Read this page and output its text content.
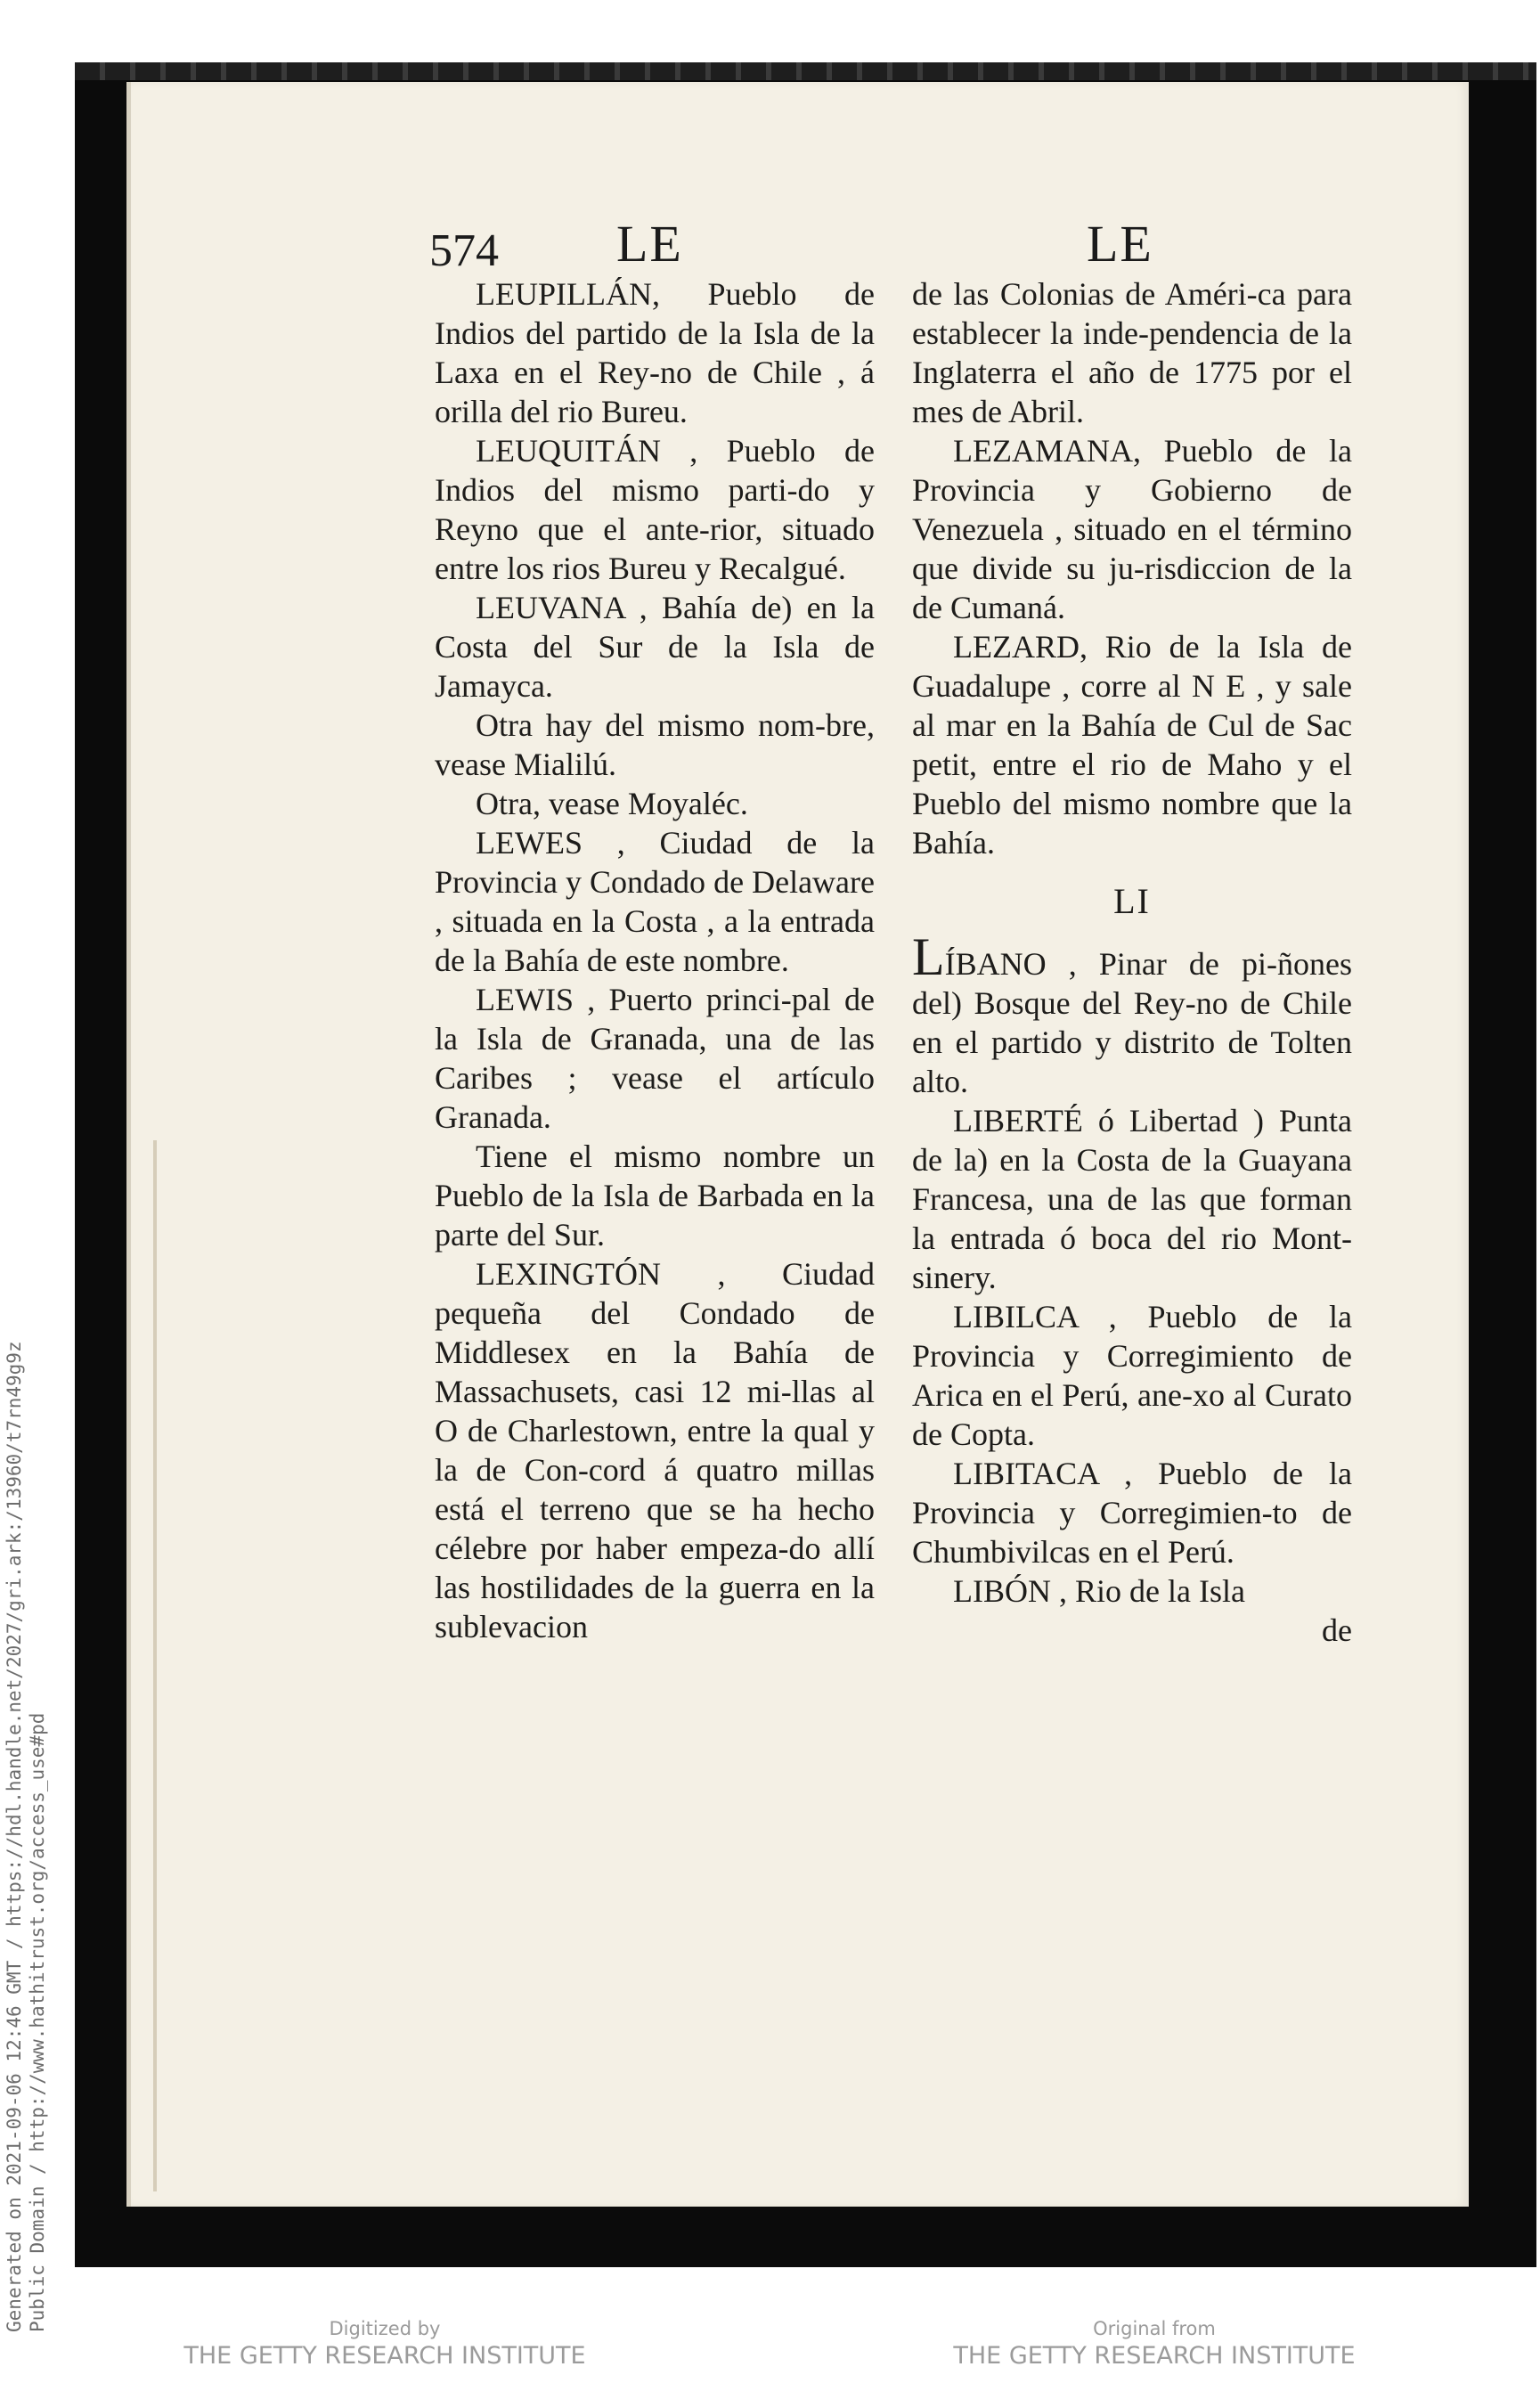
574 LE	LE

LEUPILLÁN, Pueblo de Indios del partido de la Isla de la Laxa en el Rey-no de Chile , á orilla del rio Bureu.

LEUQUITÁN , Pueblo de Indios del mismo parti-do y Reyno que el ante-rior, situado entre los rios Bureu y Recalgué.

LEUVANA , Bahía de) en la Costa del Sur de la Isla de Jamayca.

Otra hay del mismo nom-bre, vease Mialilú.

Otra, vease Moyaléc.

LEWES , Ciudad de la Provincia y Condado de Delaware , situada en la Costa , a la entrada de la Bahía de este nombre.

LEWIS , Puerto princi-pal de la Isla de Granada, una de las Caribes ; vease el artículo Granada.

Tiene el mismo nombre un Pueblo de la Isla de Barbada en la parte del Sur.

LEXINGTÓN , Ciudad pequeña del Condado de Middlesex en la Bahía de Massachusets, casi 12 mi-llas al O de Charlestown, entre la qual y la de Con-cord á quatro millas está el terreno que se ha hecho célebre por haber empeza-do allí las hostilidades de la guerra en la sublevacion

de las Colonias de Améri-ca para establecer la inde-pendencia de la Inglaterra el año de 1775 por el mes de Abril.

LEZAMANA, Pueblo de la Provincia y Gobierno de Venezuela , situado en el término que divide su ju-risdiccion de la de Cumaná.

LEZARD, Rio de la Isla de Guadalupe , corre al N E , y sale al mar en la Bahía de Cul de Sac petit, entre el rio de Maho y el Pueblo del mismo nombre que la Bahía.

LI

LÍBANO , Pinar de pi-ñones del) Bosque del Rey-no de Chile en el partido y distrito de Tolten alto.

LIBERTÉ ó Libertad ) Punta de la) en la Costa de la Guayana Francesa, una de las que forman la entrada ó boca del rio Mont-sinery.

LIBILCA , Pueblo de la Provincia y Corregimiento de Arica en el Perú, ane-xo al Curato de Copta.

LIBITACA , Pueblo de la Provincia y Corregimien-to de Chumbivilcas en el Perú.

LIBÓN , Rio de la Isla

de

Generated on 2021-09-06 12:46 GMT / https://hdl.handle.net/2027/gri.ark:/13960/t7rn49g9z Public Domain / http://www.hathitrust.org/access_use#pd	Digitized by
THE GETTY RESEARCH INSTITUTE
Original from
THE GETTY RESEARCH INSTITUTE
